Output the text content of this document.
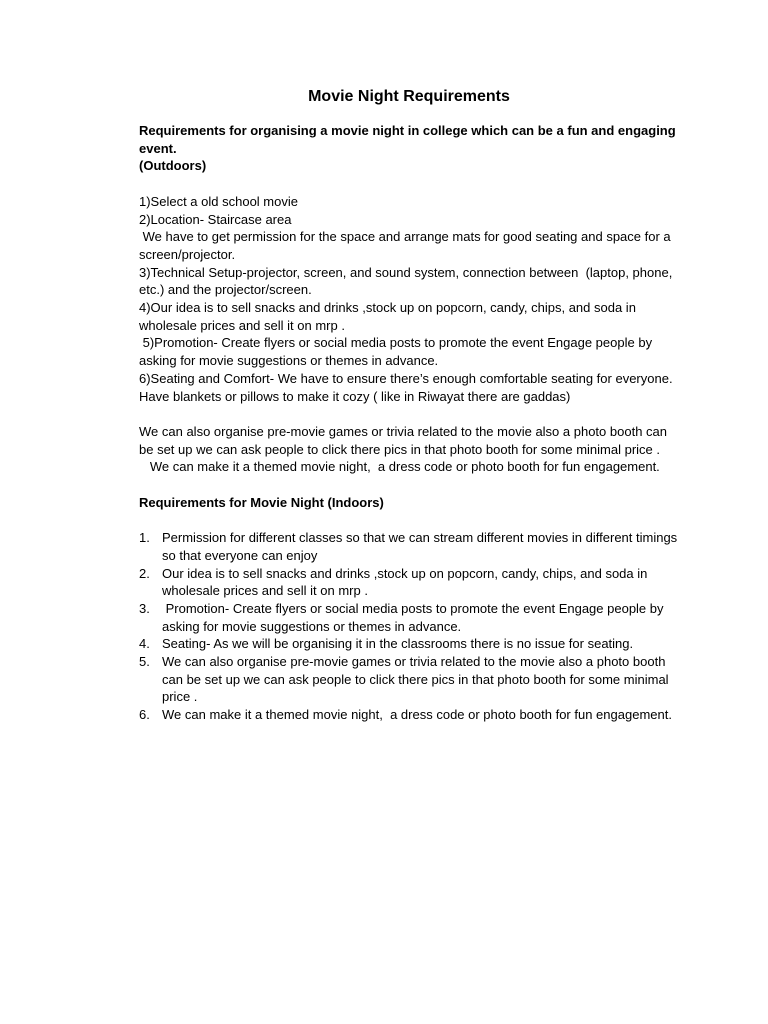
Movie Night Requirements

Requirements for organising a movie night in college which can be a fun and engaging

event.

(Outdoors)

1)Select a old school movie

2)Location- Staircase area

We have to get permission for the space and arrange mats for good seating and space for a screen/projector.

3)Technical Setup-projector, screen, and sound system, connection between  (laptop, phone, etc.) and the projector/screen.

4)Our idea is to sell snacks and drinks ,stock up on popcorn, candy, chips, and soda in wholesale prices and sell it on mrp .

5)Promotion- Create flyers or social media posts to promote the event Engage people by asking for movie suggestions or themes in advance.

6)Seating and Comfort- We have to ensure there’s enough comfortable seating for everyone. Have blankets or pillows to make it cozy ( like in Riwayat there are gaddas)

We can also organise pre-movie games or trivia related to the movie also a photo booth can be set up we can ask people to click there pics in that photo booth for some minimal price .

We can make it a themed movie night,  a dress code or photo booth for fun engagement.

Requirements for Movie Night (Indoors)

1. Permission for different classes so that we can stream different movies in different timings so that everyone can enjoy
2. Our idea is to sell snacks and drinks ,stock up on popcorn, candy, chips, and soda in wholesale prices and sell it on mrp .
3. Promotion- Create flyers or social media posts to promote the event Engage people by asking for movie suggestions or themes in advance.
4. Seating- As we will be organising it in the classrooms there is no issue for seating.
5. We can also organise pre-movie games or trivia related to the movie also a photo booth can be set up we can ask people to click there pics in that photo booth for some minimal price .
6. We can make it a themed movie night,  a dress code or photo booth for fun engagement.
